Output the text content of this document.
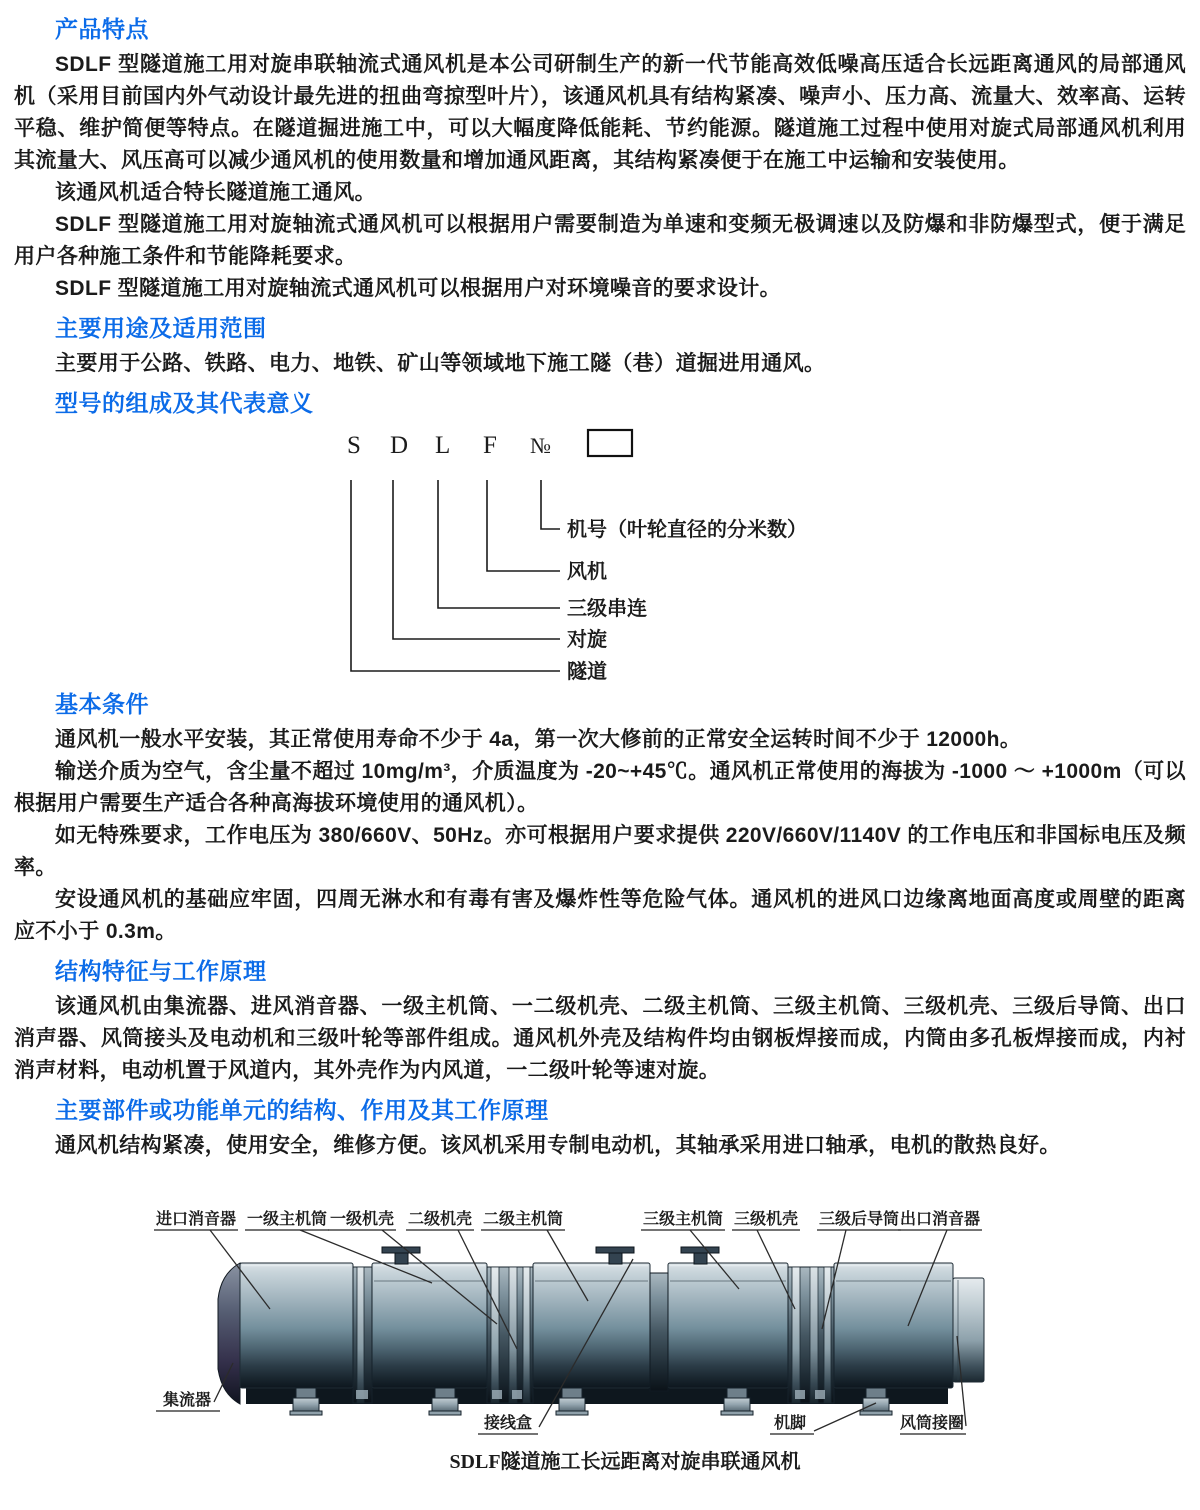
产品特点

SDLF 型隧道施工用对旋串联轴流式通风机是本公司研制生产的新一代节能高效低噪高压适合长远距离通风的局部通风机（采用目前国内外气动设计最先进的扭曲弯掠型叶片），该通风机具有结构紧凑、噪声小、压力高、流量大、效率高、运转平稳、维护简便等特点。在隧道掘进施工中，可以大幅度降低能耗、节约能源。隧道施工过程中使用对旋式局部通风机利用其流量大、风压高可以减少通风机的使用数量和增加通风距离，其结构紧凑便于在施工中运输和安装使用。

该通风机适合特长隧道施工通风。

SDLF 型隧道施工用对旋轴流式通风机可以根据用户需要制造为单速和变频无极调速以及防爆和非防爆型式，便于满足用户各种施工条件和节能降耗要求。

SDLF 型隧道施工用对旋轴流式通风机可以根据用户对环境噪音的要求设计。

主要用途及适用范围

主要用于公路、铁路、电力、地铁、矿山等领域地下施工隧（巷）道掘进用通风。

型号的组成及其代表意义
S D L F №
机号（叶轮直径的分米数）
风机
三级串连
对旋
隧道
基本条件

通风机一般水平安装，其正常使用寿命不少于 4a，第一次大修前的正常安全运转时间不少于 12000h。

输送介质为空气，含尘量不超过 10mg/m³，介质温度为 -20~+45℃。通风机正常使用的海拔为 -1000 ～ +1000m（可以根据用户需要生产适合各种高海拔环境使用的通风机）。

如无特殊要求，工作电压为 380/660V、50Hz。亦可根据用户要求提供 220V/660V/1140V 的工作电压和非国标电压及频率。

安设通风机的基础应牢固，四周无淋水和有毒有害及爆炸性等危险气体。通风机的进风口边缘离地面高度或周壁的距离应不小于 0.3m。

结构特征与工作原理

该通风机由集流器、进风消音器、一级主机筒、一二级机壳、二级主机筒、三级主机筒、三级机壳、三级后导筒、出口消声器、风筒接头及电动机和三级叶轮等部件组成。通风机外壳及结构件均由钢板焊接而成，内筒由多孔板焊接而成，内衬消声材料，电动机置于风道内，其外壳作为内风道，一二级叶轮等速对旋。

主要部件或功能单元的结构、作用及其工作原理

通风机结构紧凑，使用安全，维修方便。该风机采用专制电动机，其轴承采用进口轴承，电机的散热良好。

进口消音器 一级主机筒 一级机壳 二级机壳 二级主机筒	三级主机筒 三级机壳 三级后导筒 出口消音器
集流器
接线盒	机脚	风筒接圈
SDLF隧道施工长远距离对旋串联通风机
